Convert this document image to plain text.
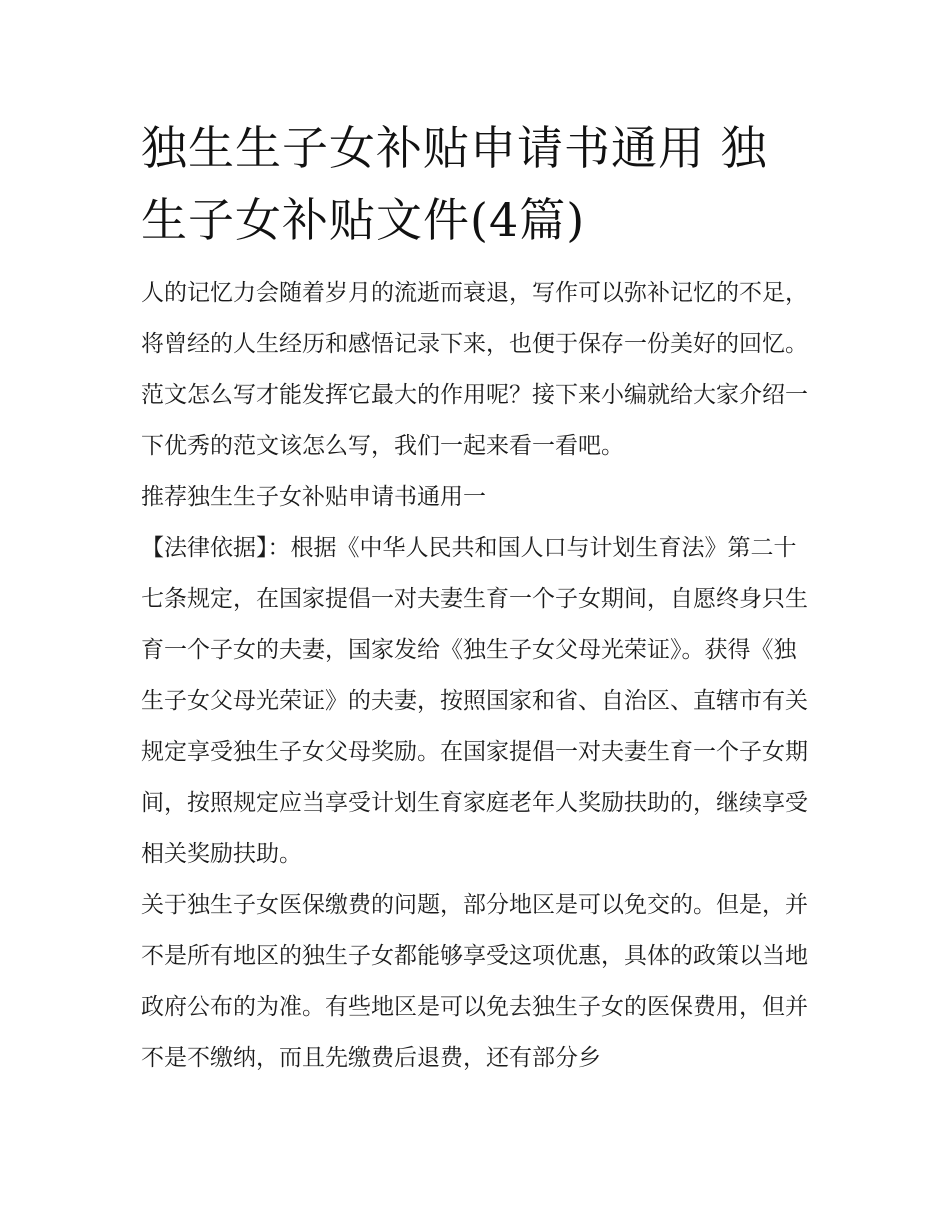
独生生子女补贴申请书通用 独生子女补贴文件(4篇)

人的记忆力会随着岁月的流逝而衰退，写作可以弥补记忆的不足，将曾经的人生经历和感悟记录下来，也便于保存一份美好的回忆。范文怎么写才能发挥它最大的作用呢？接下来小编就给大家介绍一下优秀的范文该怎么写，我们一起来看一看吧。

推荐独生生子女补贴申请书通用一

【法律依据】：根据《中华人民共和国人口与计划生育法》第二十七条规定，在国家提倡一对夫妻生育一个子女期间，自愿终身只生育一个子女的夫妻，国家发给《独生子女父母光荣证》。获得《独生子女父母光荣证》的夫妻，按照国家和省、自治区、直辖市有关规定享受独生子女父母奖励。在国家提倡一对夫妻生育一个子女期间，按照规定应当享受计划生育家庭老年人奖励扶助的，继续享受相关奖励扶助。

关于独生子女医保缴费的问题，部分地区是可以免交的。但是，并不是所有地区的独生子女都能够享受这项优惠，具体的政策以当地政府公布的为准。有些地区是可以免去独生子女的医保费用，但并不是不缴纳，而且先缴费后退费，还有部分乡
